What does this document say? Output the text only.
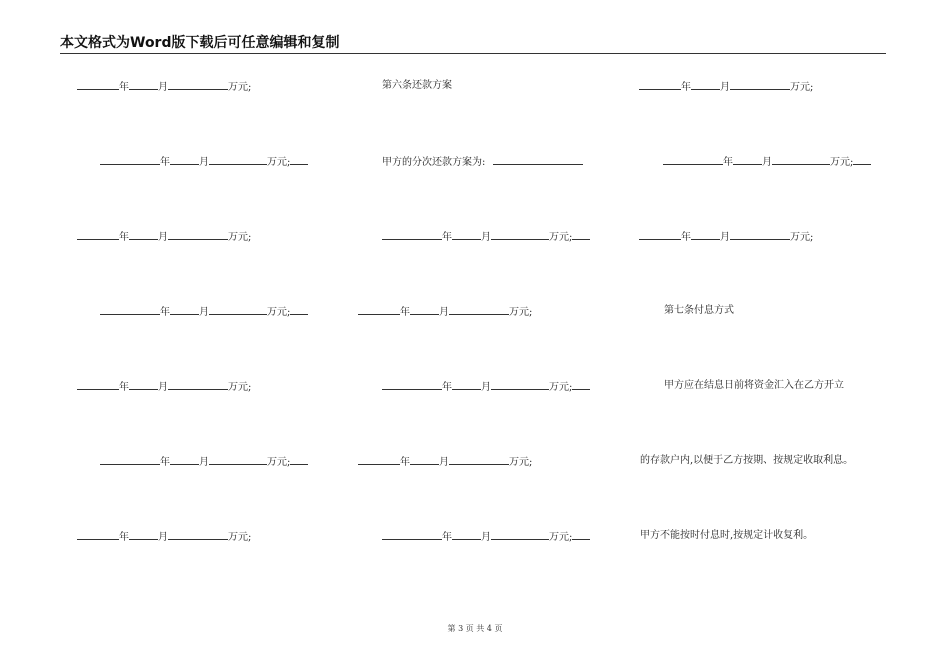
本文格式为Word版下载后可任意编辑和复制
年	月	万元;
年	月	万元;
年	月	万元;
年	月	万元;
年	月	万元;
年	月	万元;
年	月	万元;
第六条还款方案
甲方的分次还款方案为:
年	月	万元;
年	月	万元;
年	月	万元;
年	月	万元;
年	月	万元;
年	月	万元;
年	月	万元;
年	月	万元;
第七条付息方式
甲方应在结息日前将资金汇入在乙方开立
的存款户内,以便于乙方按期、按规定收取利息。
甲方不能按时付息时,按规定计收复利。
第 3 页 共 4 页
